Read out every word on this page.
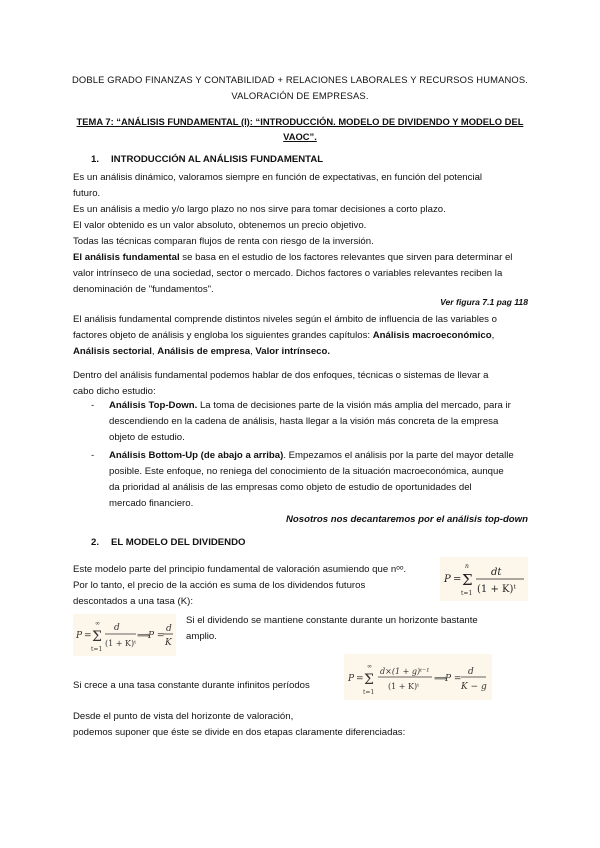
DOBLE GRADO FINANZAS Y CONTABILIDAD + RELACIONES LABORALES Y RECURSOS HUMANOS.
VALORACIÓN DE EMPRESAS.
TEMA 7: “ANÁLISIS FUNDAMENTAL (I): “INTRODUCCIÓN. MODELO DE DIVIDENDO Y MODELO DEL
VAOC”.
1. INTRODUCCIÓN AL ANÁLISIS FUNDAMENTAL
Es un análisis dinámico, valoramos siempre en función de expectativas, en función del potencial
futuro.
Es un análisis a medio y/o largo plazo no nos sirve para tomar decisiones a corto plazo.
El valor obtenido es un valor absoluto, obtenemos un precio objetivo.
Todas las técnicas comparan flujos de renta con riesgo de la inversión.
El análisis fundamental se basa en el estudio de los factores relevantes que sirven para determinar el
valor intrínseco de una sociedad, sector o mercado. Dichos factores o variables relevantes reciben la
denominación de "fundamentos".
Ver figura 7.1 pag 118
El análisis fundamental comprende distintos niveles según el ámbito de influencia de las variables o
factores objeto de análisis y engloba los siguientes grandes capítulos: Análisis macroeconómico,
Análisis sectorial, Análisis de empresa, Valor intrínseco.
Dentro del análisis fundamental podemos hablar de dos enfoques, técnicas o sistemas de llevar a
cabo dicho estudio:
-	Análisis Top-Down. La toma de decisiones parte de la visión más amplia del mercado, para ir
descendiendo en la cadena de análisis, hasta llegar a la visión más concreta de la empresa
objeto de estudio.
-	Análisis Bottom-Up (de abajo a arriba). Empezamos el análisis por la parte del mayor detalle
posible. Este enfoque, no reniega del conocimiento de la situación macroeconómica, aunque
da prioridad al análisis de las empresas como objeto de estudio de oportunidades del
mercado financiero.
Nosotros nos decantaremos por el análisis top-down
2. EL MODELO DEL DIVIDENDO
Este modelo parte del principio fundamental de valoración asumiendo que nᵒᵒ.
Por lo tanto, el precio de la acción es suma de los dividendos futuros
descontados a una tasa (K):
P = Σ
n
t=1
dt
(1 + K)ᵗ
P = Σ
∞
t=1
d
(1 + K)ᵗ
⟹
P =
d
K
Si el dividendo se mantiene constante durante un horizonte bastante
amplio.
P = Σ
∞
t=1
d×(1 + g)ᵗ⁻¹
(1 + K)ᵗ
⟹
P =
d
K − g
Si crece a una tasa constante durante infinitos períodos
Desde el punto de vista del horizonte de valoración,
podemos suponer que éste se divide en dos etapas claramente diferenciadas:
